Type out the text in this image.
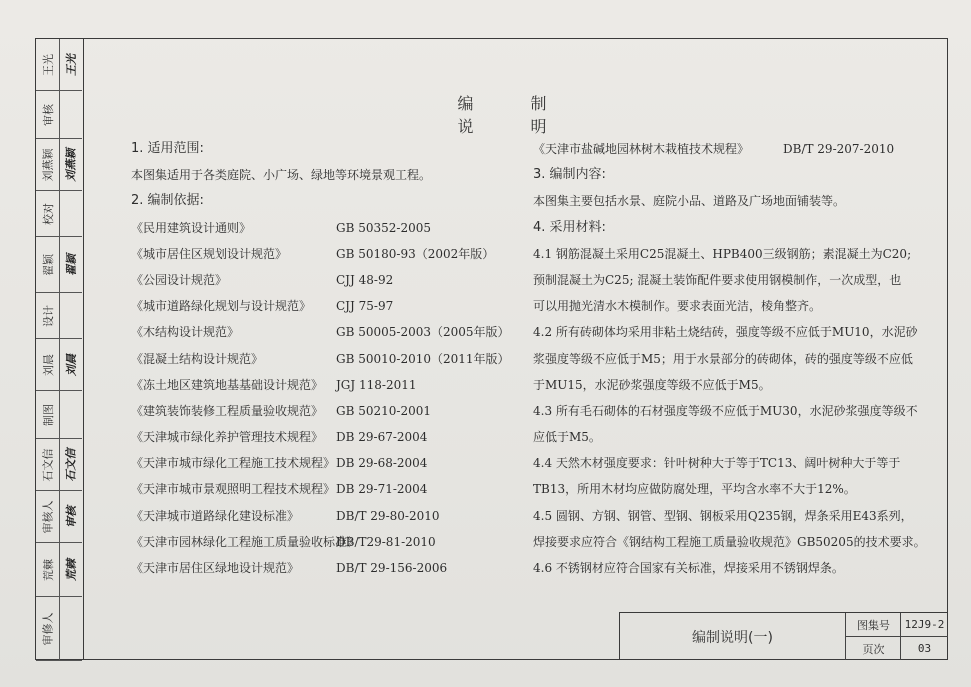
王光 王光
审核
刘燕颖 刘燕颖
校对
翟颖 翟颖
设计
刘晨 刘晨
制图
石文信 石文信
审核人 审核
荒棘 荒棘
审修人
编 制 说 明
1. 适用范围:
本图集适用于各类庭院、小广场、绿地等环境景观工程。
2. 编制依据:
《民用建筑设计通则》	GB 50352-2005
《城市居住区规划设计规范》	GB 50180-93（2002年版）
《公园设计规范》	CJJ 48-92
《城市道路绿化规划与设计规范》 CJJ 75-97
《木结构设计规范》	GB 50005-2003（2005年版）
《混凝土结构设计规范》	GB 50010-2010（2011年版）
《冻土地区建筑地基基础设计规范》 JGJ 118-2011
《建筑装饰装修工程质量验收规范》 GB 50210-2001
《天津城市绿化养护管理技术规程》 DB 29-67-2004
《天津市城市绿化工程施工技术规程》 DB 29-68-2004
《天津市城市景观照明工程技术规程》 DB 29-71-2004
《天津城市道路绿化建设标准》	DB/T 29-80-2010
《天津市园林绿化工程施工质量验收标准》
DB/T29-81-2010
《天津市居住区绿地设计规范》	DB/T 29-156-2006
《天津市盐碱地园林树木栽植技术规程》	DB/T 29-207-2010
3. 编制内容:
本图集主要包括水景、庭院小品、道路及广场地面铺装等。
4. 采用材料:
4.1 钢筋混凝土采用C25混凝土、HPB400三级钢筋；素混凝土为C20;
预制混凝土为C25; 混凝土装饰配件要求使用钢模制作，一次成型，也
可以用抛光清水木模制作。要求表面光洁，棱角整齐。
4.2 所有砖砌体均采用非粘土烧结砖，强度等级不应低于MU10，水泥砂
浆强度等级不应低于M5；用于水景部分的砖砌体，砖的强度等级不应低
于MU15，水泥砂浆强度等级不应低于M5。
4.3 所有毛石砌体的石材强度等级不应低于MU30，水泥砂浆强度等级不
应低于M5。
4.4 天然木材强度要求：针叶树种大于等于TC13、阔叶树种大于等于
TB13，所用木材均应做防腐处理，平均含水率不大于12%。
4.5 圆钢、方钢、钢管、型钢、钢板采用Q235钢，焊条采用E43系列，
焊接要求应符合《钢结构工程施工质量验收规范》GB50205的技术要求。
4.6 不锈钢材应符合国家有关标准，焊接采用不锈钢焊条。
编制说明(一)
图集号	12J9-2
页次	03
